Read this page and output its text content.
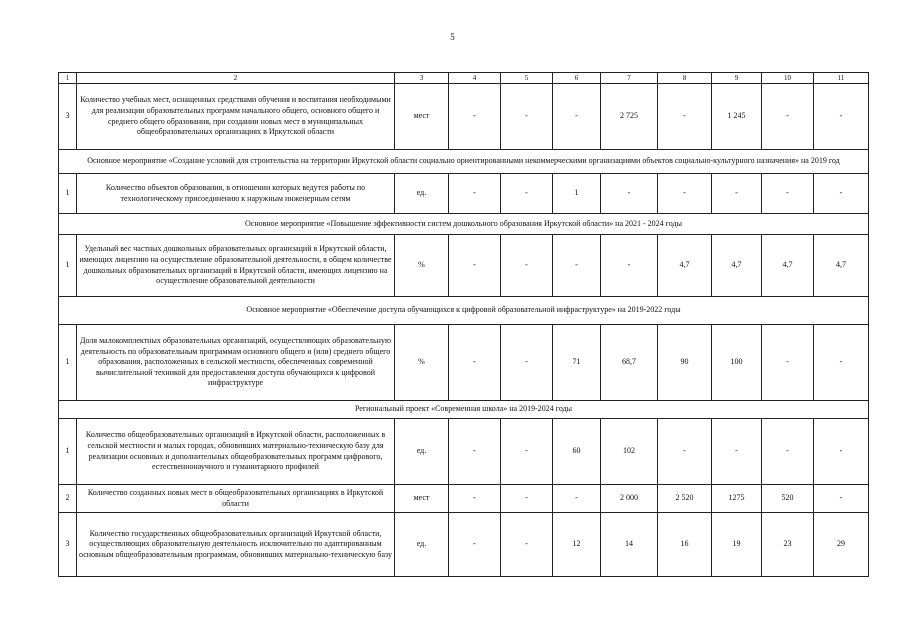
5
1	2	3	4	5	6	7	8	9	10	11
3	Количество учебных мест, оснащенных средствами обучения и воспитания необходимыми для реализации образовательных программ начального общего, основного общего и среднего общего образования, при создании новых мест в муниципальных общеобразовательных организациях в Иркутской области	мест	-	-	-	2 725	-	1 245	-	-
Основное мероприятие «Создание условий для строительства на территории Иркутской области социально ориентированными некоммерческими организациями объектов социально-культурного назначения» на 2019 год										
1	Количество объектов образования, в отношении которых ведутся работы по технологическому присоединению к наружным инженерным сетям	ед.	-	-	1	-	-	-	-	-
Основное мероприятие «Повышение эффективности систем дошкольного образования Иркутской области» на 2021 - 2024 годы										
1	Удельный вес частных дошкольных образовательных организаций в Иркутской области, имеющих лицензию на осуществление образовательной деятельности, в общем количестве дошкольных образовательных организаций в Иркутской области, имеющих лицензию на осуществление образовательной деятельности	%	-	-	-	-	4,7	4,7	4,7	4,7
Основное мероприятие «Обеспечение доступа обучающихся к цифровой образовательной инфраструктуре» на 2019-2022 годы										
1	Доля малокомплектных образовательных организаций, осуществляющих образовательную деятельность по образовательным программам основного общего и (или) среднего общего образования, расположенных в сельской местности, обеспеченных современной вычислительной техникой для предоставления доступа обучающихся к цифровой инфраструктуре	%	-	-	71	68,7	90	100	-	-
Региональный проект «Современная школа» на 2019-2024 годы										
1	Количество общеобразовательных организаций в Иркутской области, расположенных в сельской местности и малых городах, обновивших материально-техническую базу для реализации основных и дополнительных общеобразовательных программ цифрового, естественнонаучного и гуманитарного профилей	ед.	-	-	60	102	-	-	-	-
2	Количество созданных новых мест в общеобразовательных организациях в Иркутской области	мест	-	-	-	2 000	2 520	1275	520	-
3	Количество государственных общеобразовательных организаций Иркутской области, осуществляющих образовательную деятельность исключительно по адаптированным основным общеобразовательным программам, обновивших материально-техническую базу	ед.	-	-	12	14	16	19	23	29
